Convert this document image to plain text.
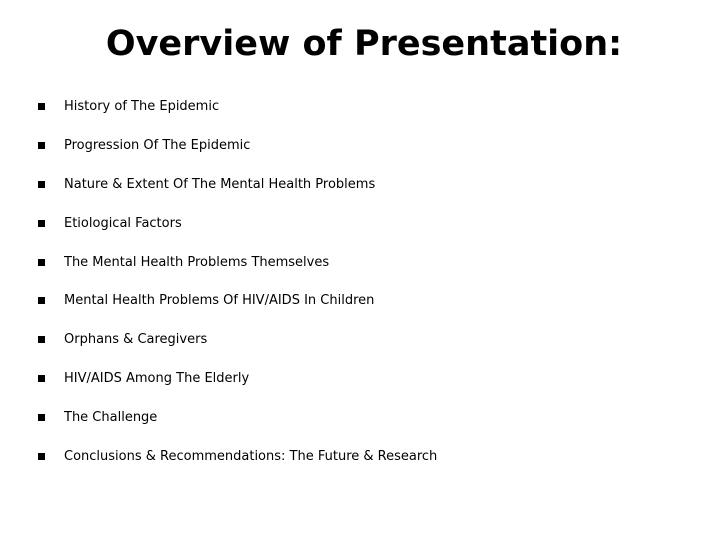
Overview of Presentation:
History of The Epidemic
Progression Of The Epidemic
Nature & Extent Of The Mental Health Problems
Etiological Factors
The Mental Health Problems Themselves
Mental Health Problems Of HIV/AIDS In Children
Orphans & Caregivers
HIV/AIDS Among The Elderly
The Challenge
Conclusions & Recommendations: The Future & Research
